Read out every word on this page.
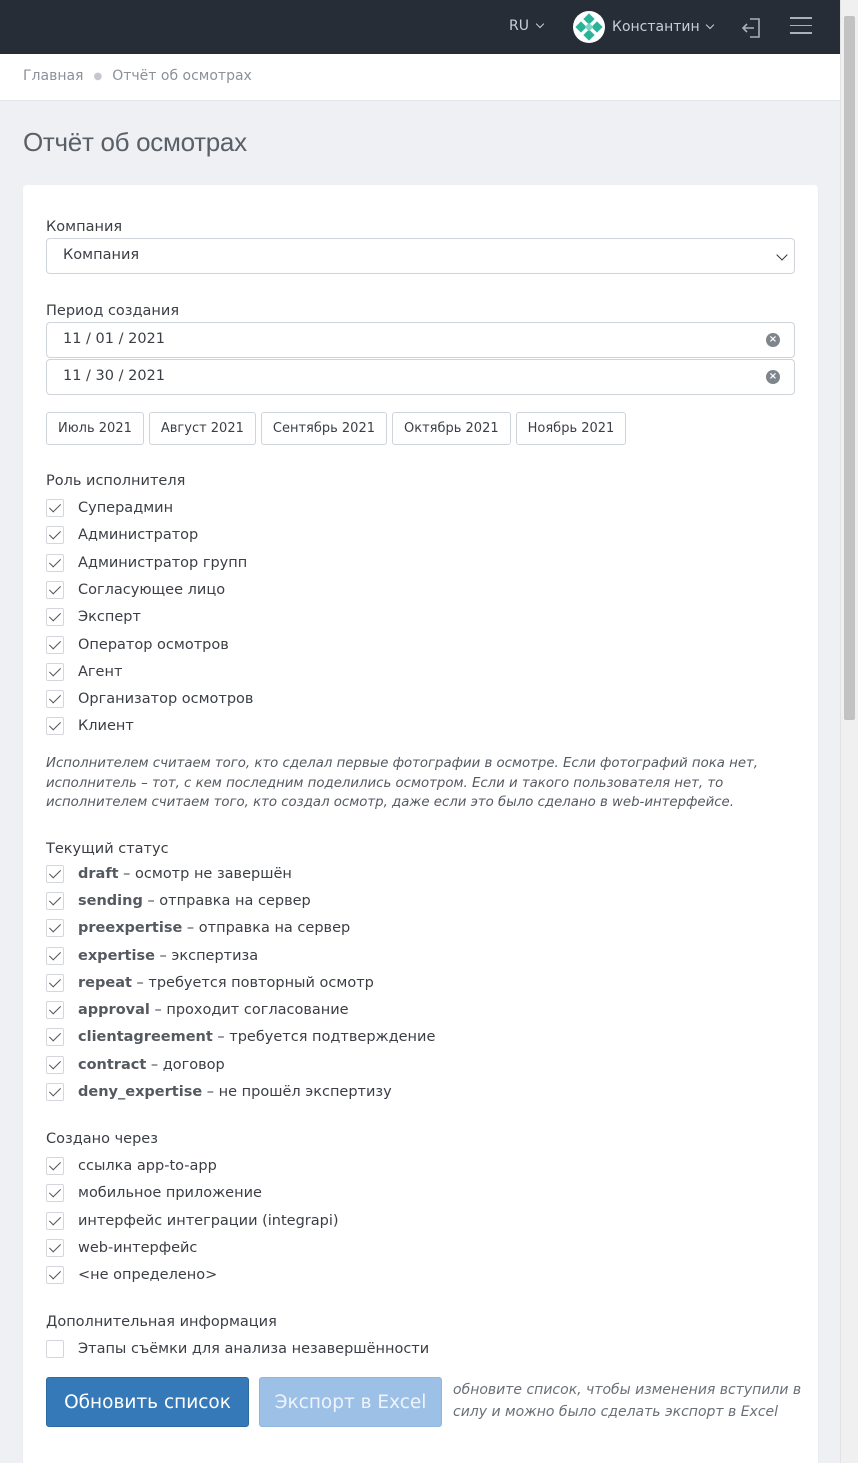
RU	Константин
Главная ● Отчёт об осмотрах
Отчёт об осмотрах
Компания
Компания
Период создания
11 / 01 / 2021	×
11 / 30 / 2021	×
Июль 2021	Август 2021	Сентябрь 2021	Октябрь 2021	Ноябрь 2021
Роль исполнителя
Суперадмин
Администратор
Администратор групп
Согласующее лицо
Эксперт
Оператор осмотров
Агент
Организатор осмотров
Клиент

Исполнителем считаем того, кто сделал первые фотографии в осмотре. Если фотографий пока нет, исполнитель – тот, с кем последним поделились осмотром. Если и такого пользователя нет, то исполнителем считаем того, кто создал осмотр, даже если это было сделано в web-интерфейсе.

Текущий статус
draft – осмотр не завершён
sending – отправка на сервер
preexpertise – отправка на сервер
expertise – экспертиза
repeat – требуется повторный осмотр
approval – проходит согласование
clientagreement – требуется подтверждение
contract – договор
deny_expertise – не прошёл экспертизу
Создано через
ссылка app-to-app
мобильное приложение
интерфейс интеграции (integrapi)
web-интерфейс
<не определено>
Дополнительная информация
Этапы съёмки для анализа незавершённости
Обновить список	Экспорт в Excel
обновите список, чтобы изменения вступили в силу и можно было сделать экспорт в Excel
